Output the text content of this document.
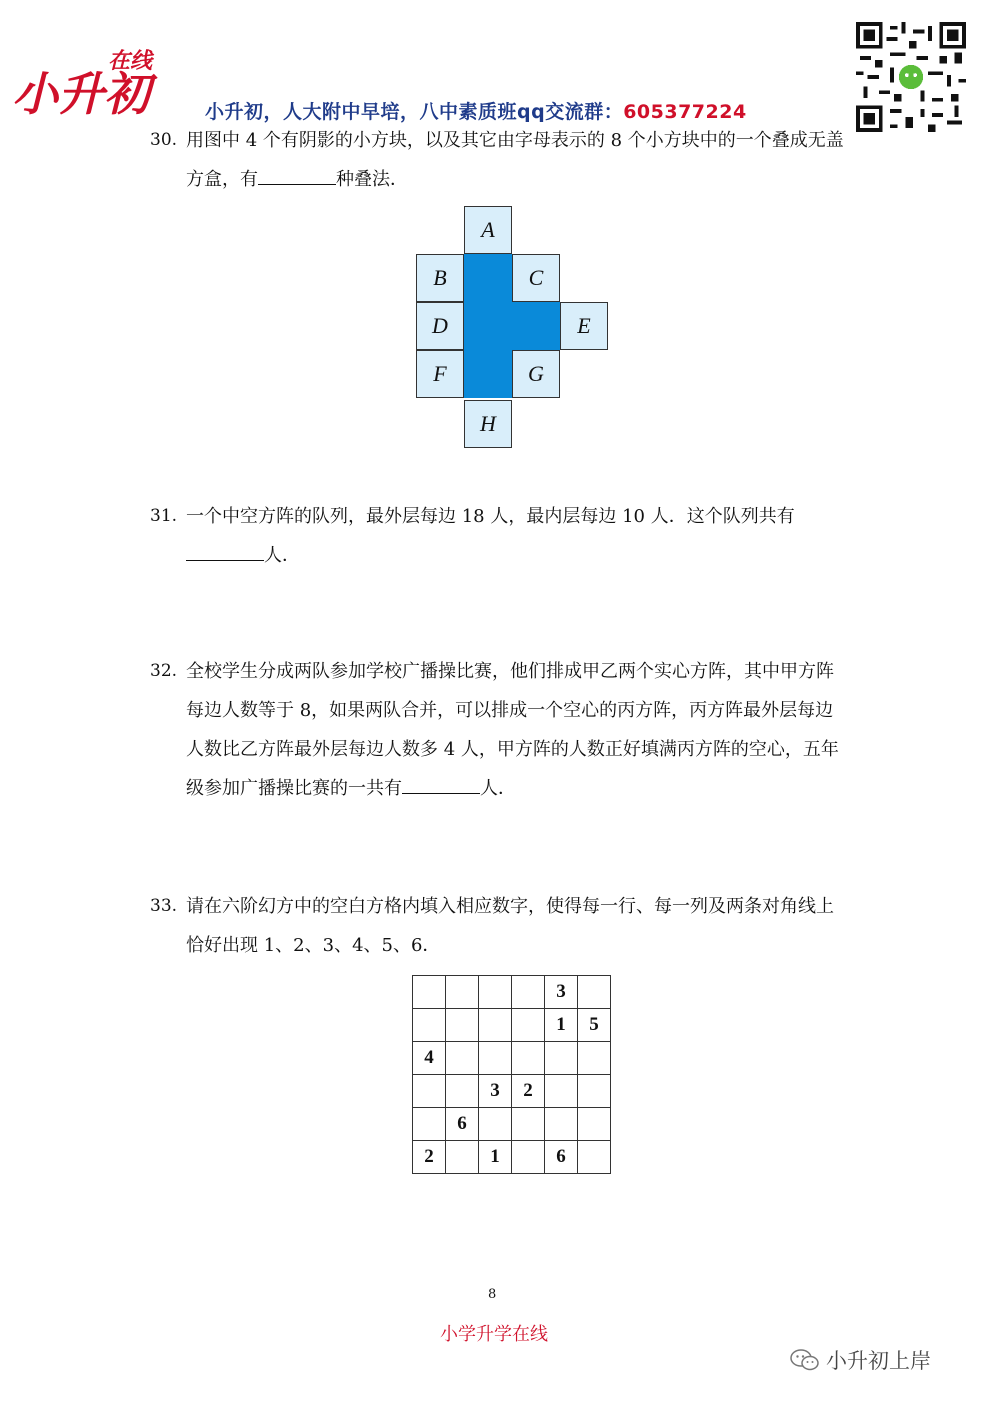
小升初
在线
小升初，人大附中早培，八中素质班qq交流群：605377224
30. 用图中 4 个有阴影的小方块，以及其它由字母表示的 8 个小方块中的一个叠成无盖方盒，有	种叠法．
A
B	C
D	E
F	G
H
31. 一个中空方阵的队列，最外层每边 18 人，最内层每边 10 人．这个队列共有人．
32. 全校学生分成两队参加学校广播操比赛，他们排成甲乙两个实心方阵，其中甲方阵每边人数等于 8，如果两队合并，可以排成一个空心的丙方阵，丙方阵最外层每边人数比乙方阵最外层每边人数多 4 人，甲方阵的人数正好填满丙方阵的空心，五年级参加广播操比赛的一共有	人．
33. 请在六阶幻方中的空白方格内填入相应数字，使得每一行、每一列及两条对角线上恰好出现 1、2、3、4、5、6．
				3	
				1	5
4					
		3	2		
	6				
2		1		6	
8
小学升学在线
小升初上岸
